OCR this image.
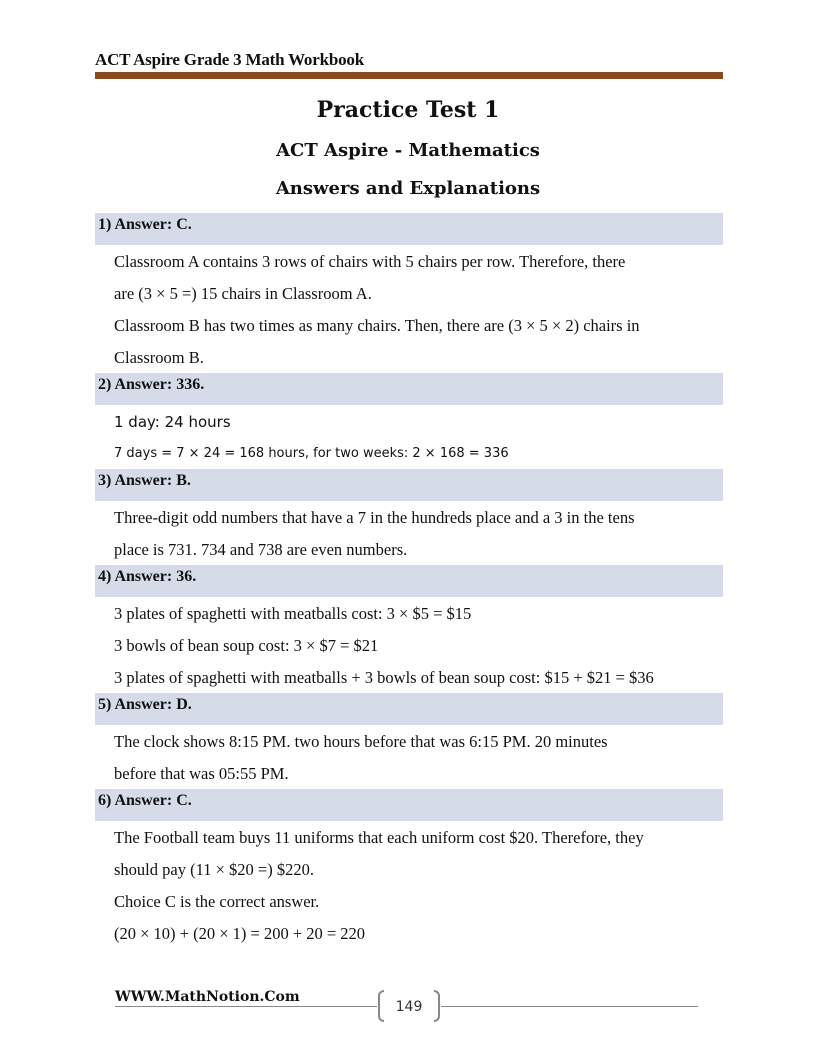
ACT Aspire Grade 3 Math Workbook
Practice Test 1
ACT Aspire - Mathematics
Answers and Explanations
1) Answer: C.
Classroom A contains 3 rows of chairs with 5 chairs per row. Therefore, there
are (3 × 5 =) 15 chairs in Classroom A.
Classroom B has two times as many chairs. Then, there are (3 × 5 × 2) chairs in
Classroom B.
2) Answer: 336.
1 day: 24 hours
7 days = 7 × 24 = 168 hours, for two weeks: 2 × 168 = 336
3) Answer: B.
Three-digit odd numbers that have a 7 in the hundreds place and a 3 in the tens
place is 731. 734 and 738 are even numbers.
4) Answer: 36.
3 plates of spaghetti with meatballs cost: 3 × $5 = $15
3 bowls of bean soup cost: 3 × $7 = $21
3 plates of spaghetti with meatballs + 3 bowls of bean soup cost: $15 + $21 = $36
5) Answer: D.
The clock shows 8:15 PM. two hours before that was 6:15 PM. 20 minutes
before that was 05:55 PM.
6) Answer: C.
The Football team buys 11 uniforms that each uniform cost $20. Therefore, they
should pay (11 × $20 =) $220.
Choice C is the correct answer.
(20 × 10) + (20 × 1) = 200 + 20 = 220
WWW.MathNotion.Com
149
